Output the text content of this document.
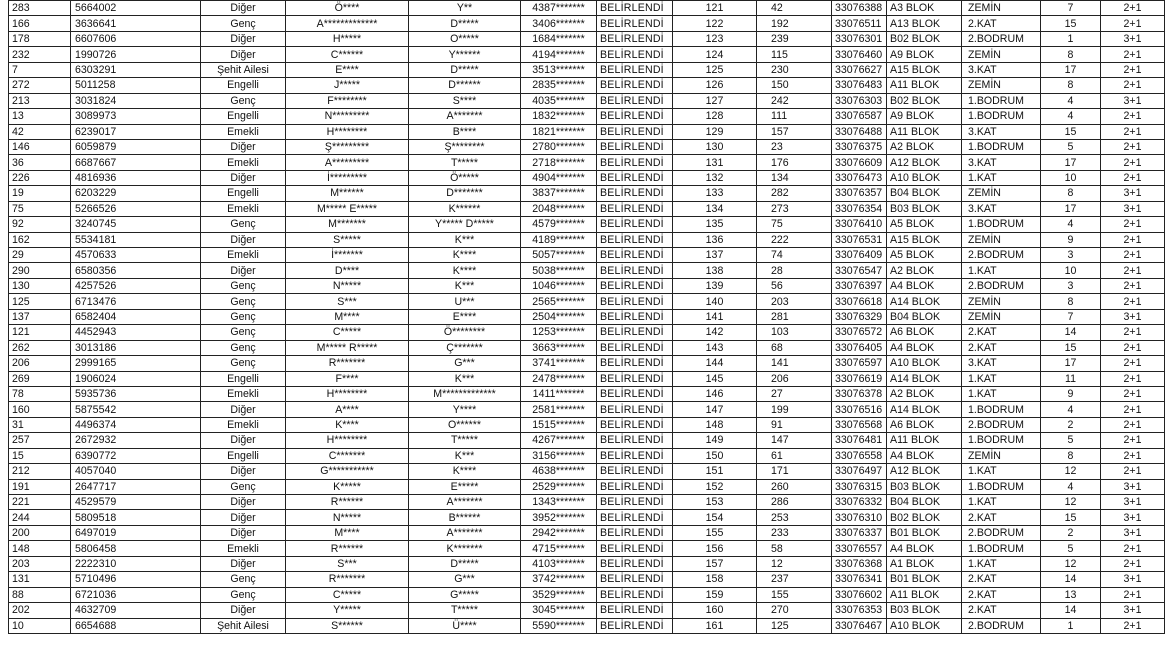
283	5664002	Diğer	Ö****	Y**	4387*******	BELİRLENDİ	121	42	33076388	A3 BLOK	ZEMİN	7	2+1
166	3636641	Genç	A*************	D*****	3406*******	BELİRLENDİ	122	192	33076511	A13 BLOK	2.KAT	15	2+1
178	6607606	Diğer	H*****	O*****	1684*******	BELİRLENDİ	123	239	33076301	B02 BLOK	2.BODRUM	1	3+1
232	1990726	Diğer	C******	Y******	4194*******	BELİRLENDİ	124	115	33076460	A9 BLOK	ZEMİN	8	2+1
7	6303291	Şehit Ailesi	E****	D*****	3513*******	BELİRLENDİ	125	230	33076627	A15 BLOK	3.KAT	17	2+1
272	5011258	Engelli	J*****	D******	2835*******	BELİRLENDİ	126	150	33076483	A11 BLOK	ZEMİN	8	2+1
213	3031824	Genç	F********	S****	4035*******	BELİRLENDİ	127	242	33076303	B02 BLOK	1.BODRUM	4	3+1
13	3089973	Engelli	N*********	A*******	1832*******	BELİRLENDİ	128	111	33076587	A9 BLOK	1.BODRUM	4	2+1
42	6239017	Emekli	H********	B****	1821*******	BELİRLENDİ	129	157	33076488	A11 BLOK	3.KAT	15	2+1
146	6059879	Diğer	Ş*********	Ş********	2780*******	BELİRLENDİ	130	23	33076375	A2 BLOK	1.BODRUM	5	2+1
36	6687667	Emekli	A*********	T*****	2718*******	BELİRLENDİ	131	176	33076609	A12 BLOK	3.KAT	17	2+1
226	4816936	Diğer	İ*********	Ö*****	4904*******	BELİRLENDİ	132	134	33076473	A10 BLOK	1.KAT	10	2+1
19	6203229	Engelli	M******	D*******	3837*******	BELİRLENDİ	133	282	33076357	B04 BLOK	ZEMİN	8	3+1
75	5266526	Emekli	M***** E*****	K******	2048*******	BELİRLENDİ	134	273	33076354	B03 BLOK	3.KAT	17	3+1
92	3240745	Genç	M*******	Y***** D*****	4579*******	BELİRLENDİ	135	75	33076410	A5 BLOK	1.BODRUM	4	2+1
162	5534181	Diğer	S*****	K***	4189*******	BELİRLENDİ	136	222	33076531	A15 BLOK	ZEMİN	9	2+1
29	4570633	Emekli	İ*******	K****	5057*******	BELİRLENDİ	137	74	33076409	A5 BLOK	2.BODRUM	3	2+1
290	6580356	Diğer	D****	K****	5038*******	BELİRLENDİ	138	28	33076547	A2 BLOK	1.KAT	10	2+1
130	4257526	Genç	N*****	K***	1046*******	BELİRLENDİ	139	56	33076397	A4 BLOK	2.BODRUM	3	2+1
125	6713476	Genç	S***	U***	2565*******	BELİRLENDİ	140	203	33076618	A14 BLOK	ZEMİN	8	2+1
137	6582404	Genç	M****	E****	2504*******	BELİRLENDİ	141	281	33076329	B04 BLOK	ZEMİN	7	3+1
121	4452943	Genç	C*****	Ö********	1253*******	BELİRLENDİ	142	103	33076572	A6 BLOK	2.KAT	14	2+1
262	3013186	Genç	M***** R*****	Ç*******	3663*******	BELİRLENDİ	143	68	33076405	A4 BLOK	2.KAT	15	2+1
206	2999165	Genç	R*******	G***	3741*******	BELİRLENDİ	144	141	33076597	A10 BLOK	3.KAT	17	2+1
269	1906024	Engelli	F****	K***	2478*******	BELİRLENDİ	145	206	33076619	A14 BLOK	1.KAT	11	2+1
78	5935736	Emekli	H********	M*************	1411*******	BELİRLENDİ	146	27	33076378	A2 BLOK	1.KAT	9	2+1
160	5875542	Diğer	A****	Y****	2581*******	BELİRLENDİ	147	199	33076516	A14 BLOK	1.BODRUM	4	2+1
31	4496374	Emekli	K****	O******	1515*******	BELİRLENDİ	148	91	33076568	A6 BLOK	2.BODRUM	2	2+1
257	2672932	Diğer	H********	T*****	4267*******	BELİRLENDİ	149	147	33076481	A11 BLOK	1.BODRUM	5	2+1
15	6390772	Engelli	C*******	K***	3156*******	BELİRLENDİ	150	61	33076558	A4 BLOK	ZEMİN	8	2+1
212	4057040	Diğer	G***********	K****	4638*******	BELİRLENDİ	151	171	33076497	A12 BLOK	1.KAT	12	2+1
191	2647717	Genç	K*****	E*****	2529*******	BELİRLENDİ	152	260	33076315	B03 BLOK	1.BODRUM	4	3+1
221	4529579	Diğer	R******	A*******	1343*******	BELİRLENDİ	153	286	33076332	B04 BLOK	1.KAT	12	3+1
244	5809518	Diğer	N*****	B******	3952*******	BELİRLENDİ	154	253	33076310	B02 BLOK	2.KAT	15	3+1
200	6497019	Diğer	M****	A*******	2942*******	BELİRLENDİ	155	233	33076337	B01 BLOK	2.BODRUM	2	3+1
148	5806458	Emekli	R******	K*******	4715*******	BELİRLENDİ	156	58	33076557	A4 BLOK	1.BODRUM	5	2+1
203	2222310	Diğer	S***	D*****	4103*******	BELİRLENDİ	157	12	33076368	A1 BLOK	1.KAT	12	2+1
131	5710496	Genç	R*******	G***	3742*******	BELİRLENDİ	158	237	33076341	B01 BLOK	2.KAT	14	3+1
88	6721036	Genç	C*****	G*****	3529*******	BELİRLENDİ	159	155	33076602	A11 BLOK	2.KAT	13	2+1
202	4632709	Diğer	Y*****	T*****	3045*******	BELİRLENDİ	160	270	33076353	B03 BLOK	2.KAT	14	3+1
10	6654688	Şehit Ailesi	S******	Ü****	5590*******	BELİRLENDİ	161	125	33076467	A10 BLOK	2.BODRUM	1	2+1
